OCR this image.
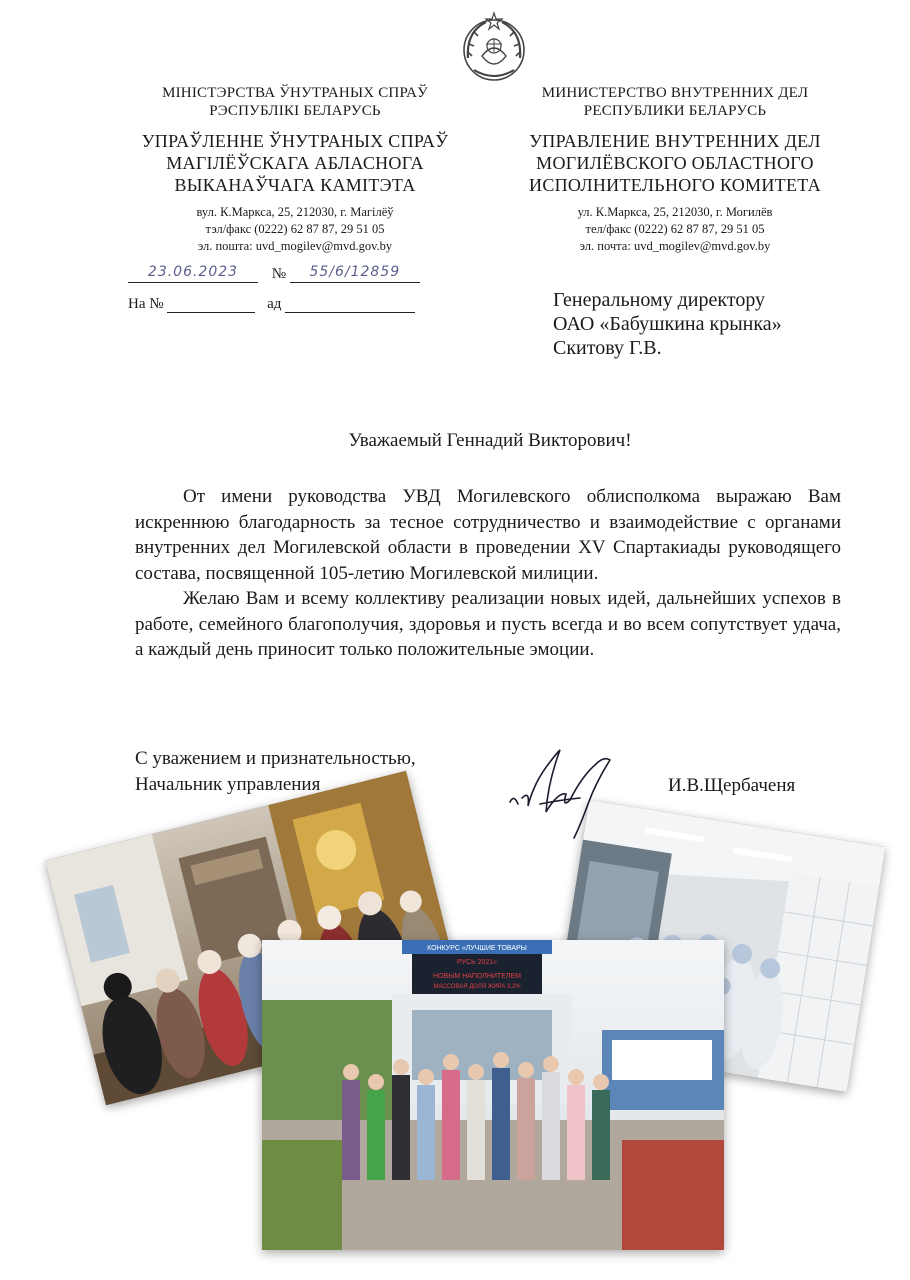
МІНІСТЭРСТВА ЎНУТРАНЫХ СПРАЎ
РЭСПУБЛІКІ БЕЛАРУСЬ
УПРАЎЛЕННЕ ЎНУТРАНЫХ СПРАЎ
МАГІЛЁЎСКАГА АБЛАСНОГА
ВЫКАНАЎЧАГА КАМІТЭТА
вул. К.Маркса, 25, 212030, г. Магілёў
тэл/факс (0222) 62 87 87, 29 51 05
эл. пошта: uvd_mogilev@mvd.gov.by
МИНИСТЕРСТВО ВНУТРЕННИХ ДЕЛ
РЕСПУБЛИКИ БЕЛАРУСЬ
УПРАВЛЕНИЕ ВНУТРЕННИХ ДЕЛ
МОГИЛЁВСКОГО ОБЛАСТНОГО
ИСПОЛНИТЕЛЬНОГО КОМИТЕТА
ул. К.Маркса, 25, 212030, г. Могилёв
тел/факс (0222) 62 87 87, 29 51 05
эл. почта: uvd_mogilev@mvd.gov.by
23.06.2023 № 55/6/12859
На №	ад	Генеральному директору
ОАО «Бабушкина крынка»
Скитову Г.В.
Уважаемый Геннадий Викторович!

От имени руководства УВД Могилевского облисполкома выражаю Вам искреннюю благодарность за тесное сотрудничество и взаимодействие с органами внутренних дел Могилевской области в проведении XV Спартакиады руководящего состава, посвященной 105-летию Могилевской милиции.

Желаю Вам и всему коллективу реализации новых идей, дальнейших успехов в работе, семейного благополучия, здоровья и пусть всегда и во всем сопутствует удача, а каждый день приносит только положительные эмоции.

С уважением и признательностью,
Начальник управления	И.В.Щербаченя
КОНКУРС «ЛУЧШИЕ ТОВАРЫ
РУСЬ 2021»
НОВЫМ НАПОЛНИТЕЛЕМ
МАССОВАЯ ДОЛЯ ЖИРА 3,2%
